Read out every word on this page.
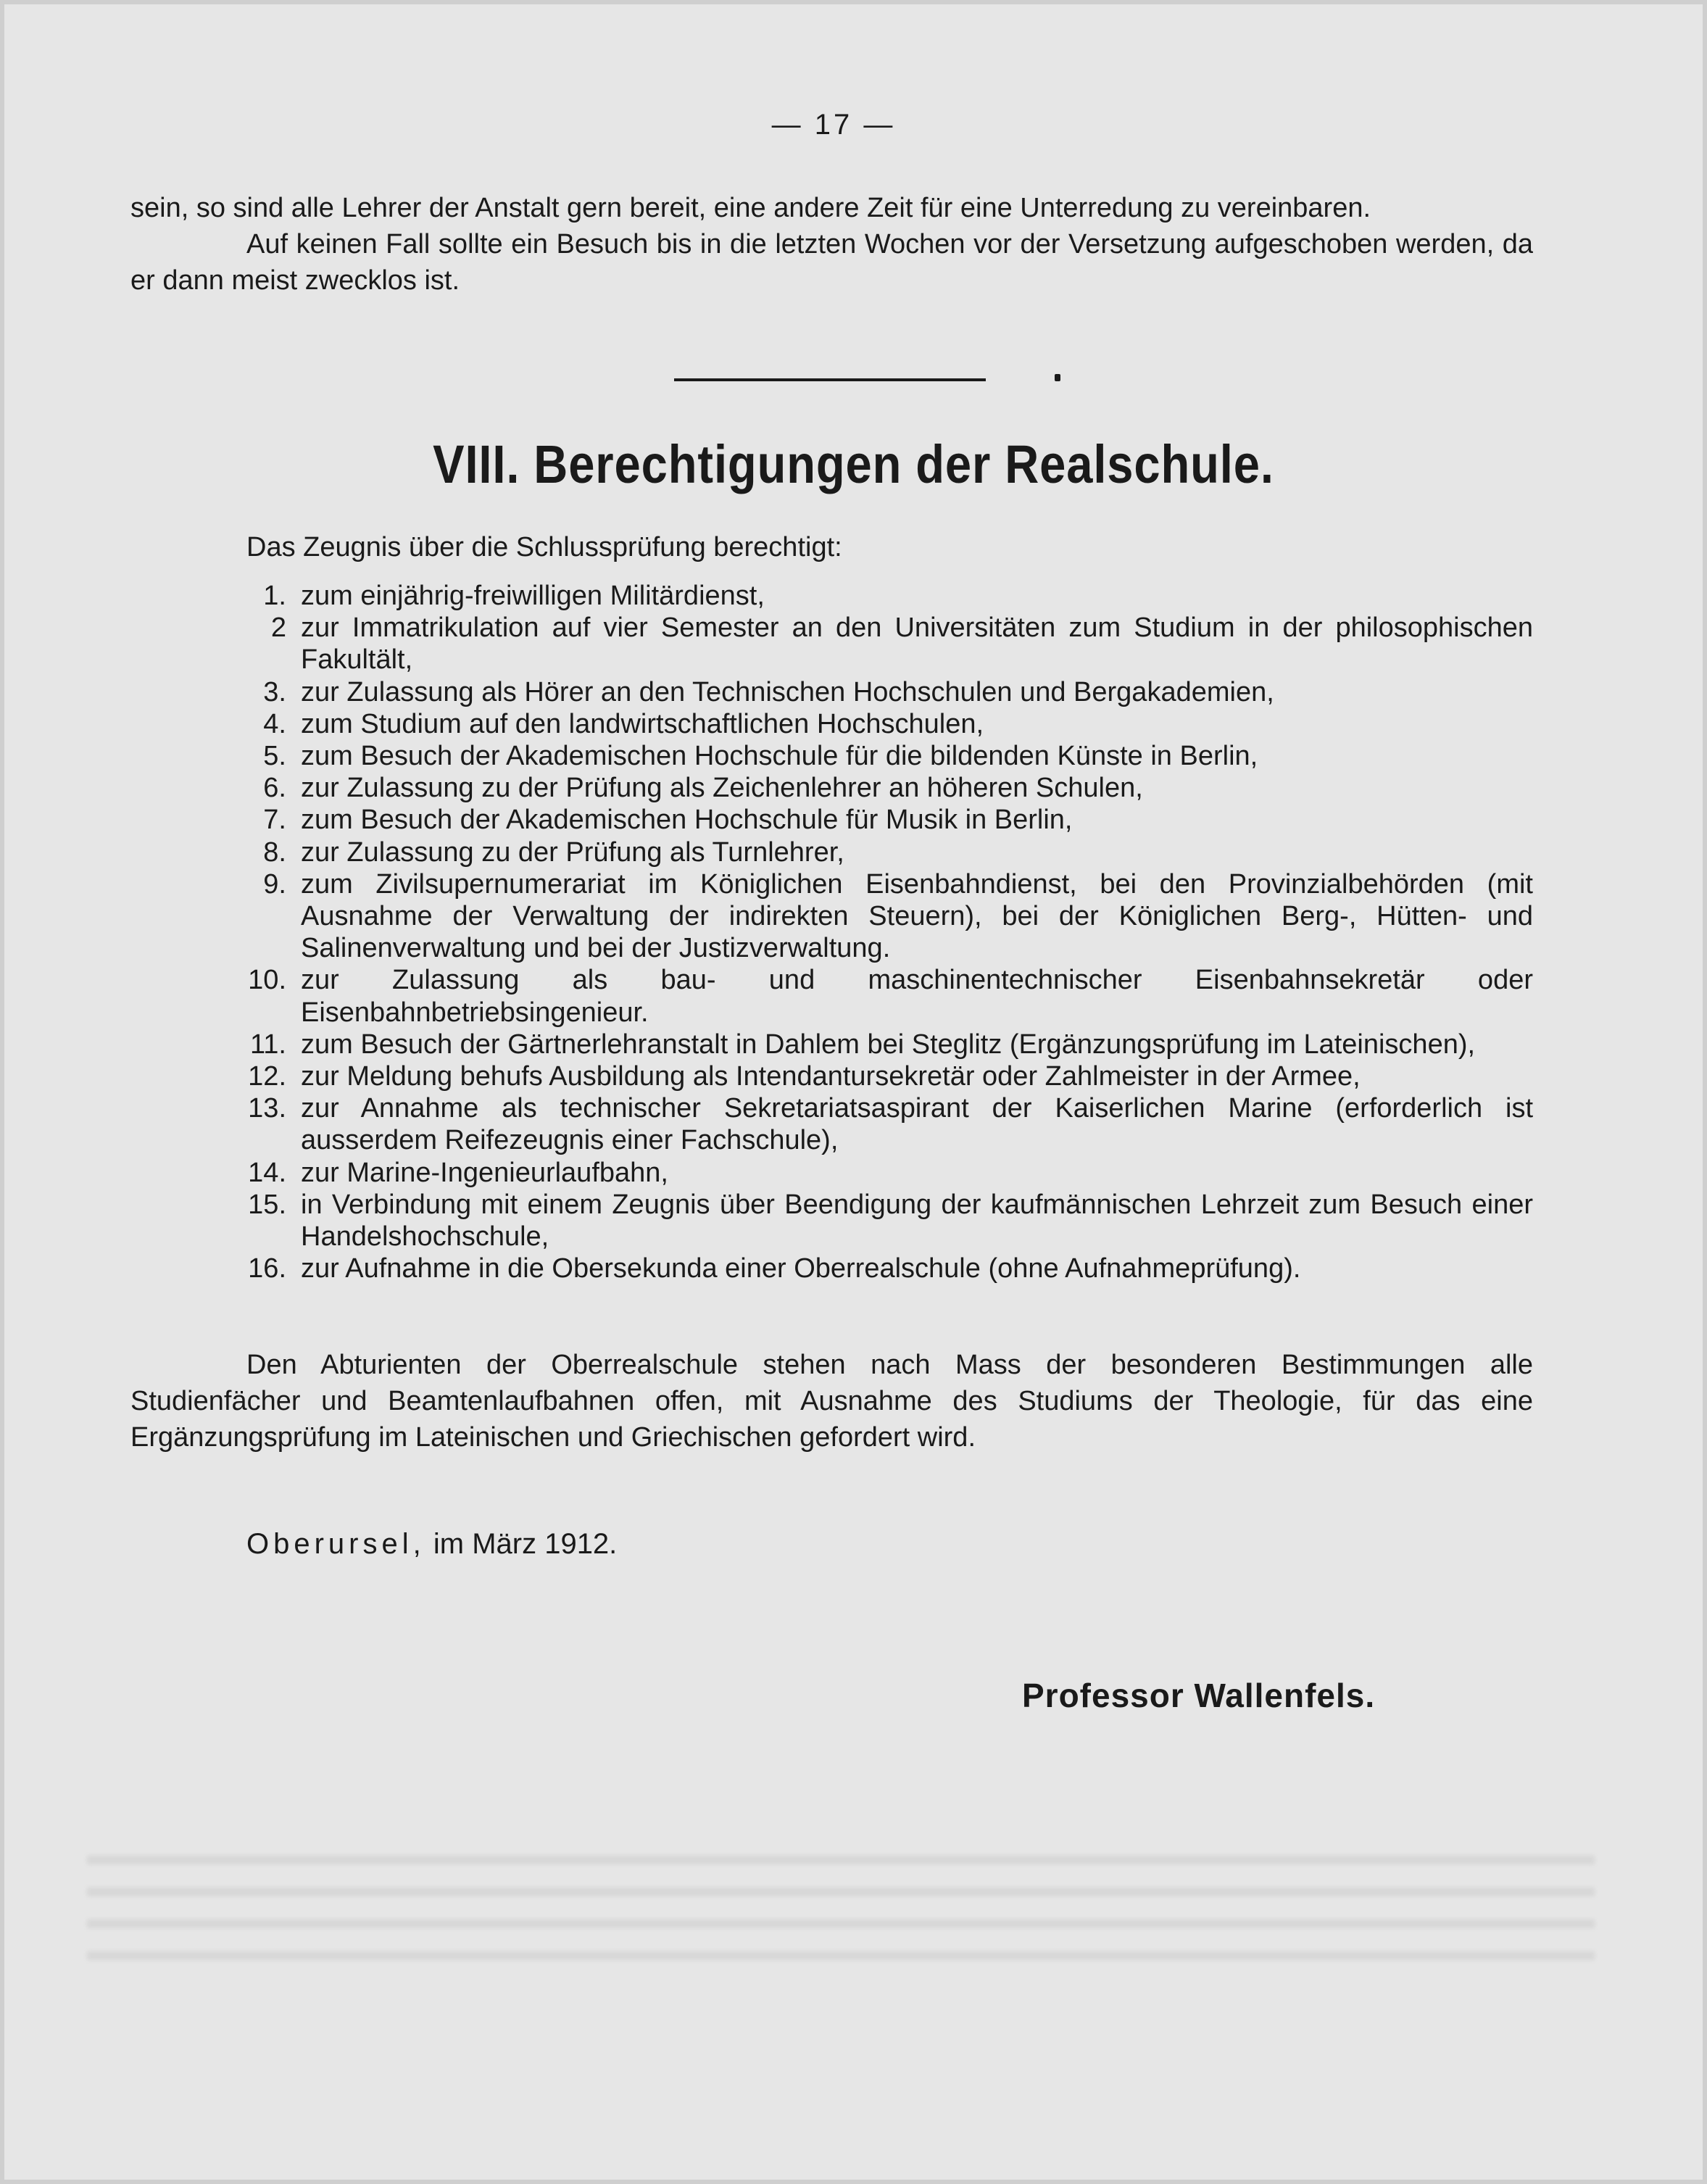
— 17 —

sein, so sind alle Lehrer der Anstalt gern bereit, eine andere Zeit für eine Unterredung zu vereinbaren.

Auf keinen Fall sollte ein Besuch bis in die letzten Wochen vor der Versetzung aufgeschoben werden, da er dann meist zwecklos ist.

VIII. Berechtigungen der Realschule.
Das Zeugnis über die Schlussprüfung berechtigt:
1. zum einjährig-freiwilligen Militärdienst,
2 zur Immatrikulation auf vier Semester an den Universitäten zum Studium in der philosophischen Fakultält,
3. zur Zulassung als Hörer an den Technischen Hochschulen und Bergakademien,
4. zum Studium auf den landwirtschaftlichen Hochschulen,
5. zum Besuch der Akademischen Hochschule für die bildenden Künste in Berlin,
6. zur Zulassung zu der Prüfung als Zeichenlehrer an höheren Schulen,
7. zum Besuch der Akademischen Hochschule für Musik in Berlin,
8. zur Zulassung zu der Prüfung als Turnlehrer,
9. zum Zivilsupernumerariat im Königlichen Eisenbahndienst, bei den Provinzialbehörden (mit Ausnahme der Verwaltung der indirekten Steuern), bei der Königlichen Berg-, Hütten- und Salinenverwaltung und bei der Justizverwaltung.
10. zur Zulassung als bau- und maschinentechnischer Eisenbahnsekretär oder Eisenbahnbetriebsingenieur.
11. zum Besuch der Gärtnerlehranstalt in Dahlem bei Steglitz (Ergänzungsprüfung im Lateinischen),
12. zur Meldung behufs Ausbildung als Intendantursekretär oder Zahlmeister in der Armee,
13. zur Annahme als technischer Sekretariatsaspirant der Kaiserlichen Marine (erforderlich ist ausserdem Reifezeugnis einer Fachschule),
14. zur Marine-Ingenieurlaufbahn,
15. in Verbindung mit einem Zeugnis über Beendigung der kaufmännischen Lehrzeit zum Besuch einer Handelshochschule,
16. zur Aufnahme in die Obersekunda einer Oberrealschule (ohne Aufnahmeprüfung).
Den Abturienten der Oberrealschule stehen nach Mass der besonderen Bestimmungen alle Studienfächer und Beamtenlaufbahnen offen, mit Ausnahme des Studiums der Theologie, für das eine Ergänzungsprüfung im Lateinischen und Griechischen gefordert wird.
Oberursel, im März 1912.
Professor Wallenfels.
